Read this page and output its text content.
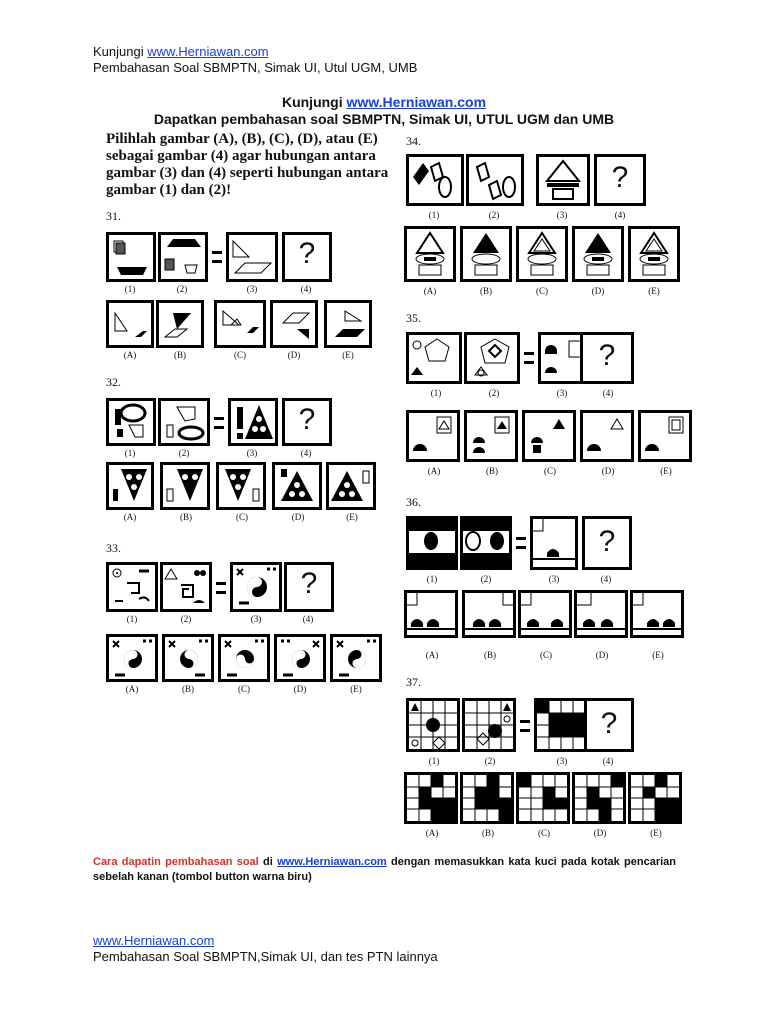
Kunjungi www.Herniawan.com
Pembahasan Soal SBMPTN, Simak UI, Utul UGM, UMB
Kunjungi www.Herniawan.com
Dapatkan pembahasan soal SBMPTN, Simak UI, UTUL UGM dan UMB
Pilihlah gambar (A), (B), (C), (D), atau (E) sebagai gambar (4) agar hubungan antara gambar (3) dan (4) seperti hubungan antara gambar (1) dan (2)!
31.
?
(1)	(2)	(3)	(4)
(A)	(B)	(C)	(D)	(E)
32.
?
(1)	(2)	(3)	(4)
(A)	(B)	(C)	(D)	(E)
33.
?
(1)	(2)	(3)	(4)
(A)	(B)	(C)	(D)	(E)
34.
?
(1)	(2)	(3)	(4)
(A)	(B)	(C)	(D)	(E)
35.
?
(1)	(2)	(3)	(4)
(A)	(B)	(C)	(D)	(E)
36.
?
(1)	(2)	(3)	(4)
(A)	(B)	(C)	(D)	(E)
37.
?
(1)	(2)	(3)	(4)
(A)	(B)	(C)	(D)	(E)
Cara dapatin pembahasan soal di www.Herniawan.com dengan memasukkan kata kuci pada kotak pencarian sebelah kanan (tombol button warna biru)
www.Herniawan.com
Pembahasan Soal SBMPTN,Simak UI, dan tes PTN lainnya
